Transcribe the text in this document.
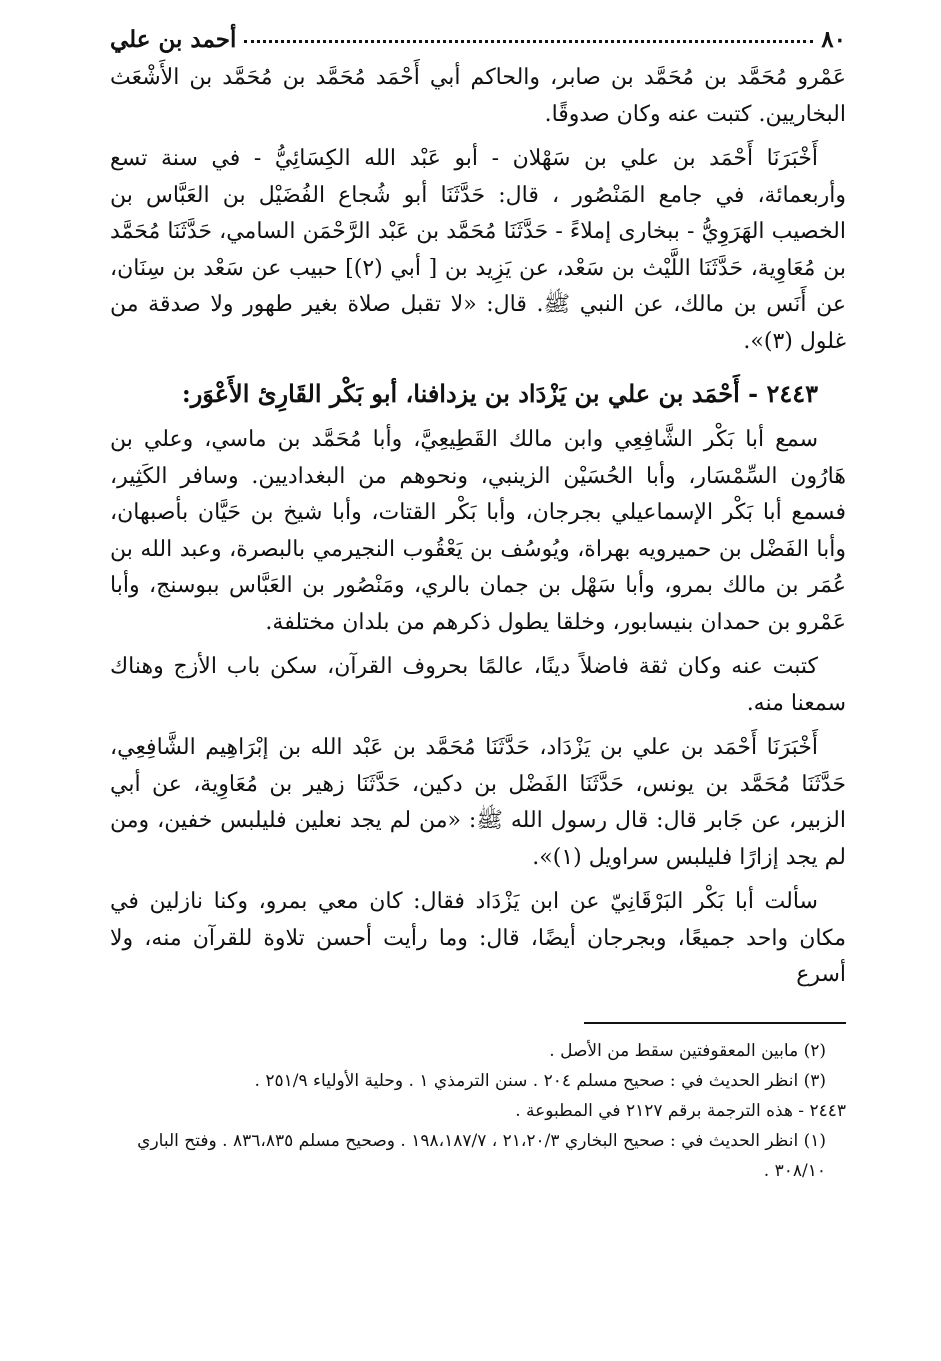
٨٠
أحمد بن علي

عَمْرو مُحَمَّد بن مُحَمَّد بن صابر، والحاكم أبي أَحْمَد مُحَمَّد بن مُحَمَّد بن الأَشْعَث البخاريين. كتبت عنه وكان صدوقًا.

أَخْبَرَنَا أَحْمَد بن علي بن سَهْلان - أبو عَبْد الله الكِسَائِيُّ - في سنة تسع وأربعمائة، في جامع المَنْصُور ، قال: حَدَّثَنَا أبو شُجاع الفُضَيْل بن العَبَّاس بن الخصيب الهَرَوِيُّ - ببخارى إملاءً - حَدَّثَنَا مُحَمَّد بن عَبْد الرَّحْمَن السامي، حَدَّثَنَا مُحَمَّد بن مُعَاوِية، حَدَّثَنَا اللَّيْث بن سَعْد، عن يَزِيد بن [ أبي (٢)] حبيب عن سَعْد بن سِنَان، عن أَنَس بن مالك، عن النبي ﷺ. قال: «لا تقبل صلاة بغير طهور ولا صدقة من غلول (٣)».

٢٤٤٣ - أَحْمَد بن علي بن يَزْدَاد بن يزدافنا، أبو بَكْر القَارِئ الأَعْوَر:

سمع أبا بَكْر الشَّافِعِي وابن مالك القَطِيعِيَّ، وأبا مُحَمَّد بن ماسي، وعلي بن هَارُون السِّمْسَار، وأبا الحُسَيْن الزينبي، ونحوهم من البغداديين. وسافر الكَثِير، فسمع أبا بَكْر الإسماعيلي بجرجان، وأبا بَكْر القتات، وأبا شيخ بن حَيَّان بأصبهان، وأبا الفَضْل بن حميرويه بهراة، ويُوسُف بن يَعْقُوب النجيرمي بالبصرة، وعبد الله بن عُمَر بن مالك بمرو، وأبا سَهْل بن جمان بالري، ومَنْصُور بن العَبَّاس ببوسنج، وأبا عَمْرو بن حمدان بنيسابور، وخلقا يطول ذكرهم من بلدان مختلفة.

كتبت عنه وكان ثقة فاضلاً دينًا، عالمًا بحروف القرآن، سكن باب الأزج وهناك سمعنا منه.

أَخْبَرَنَا أَحْمَد بن علي بن يَزْدَاد، حَدَّثَنَا مُحَمَّد بن عَبْد الله بن إبْرَاهِيم الشَّافِعِي، حَدَّثَنَا مُحَمَّد بن يونس، حَدَّثَنَا الفَضْل بن دكين، حَدَّثَنَا زهير بن مُعَاوِية، عن أبي الزبير، عن جَابر قال: قال رسول الله ﷺ: «من لم يجد نعلين فليلبس خفين، ومن لم يجد إزارًا فليلبس سراويل (١)».

سألت أبا بَكْر البَرْقَانِيّ عن ابن يَزْدَاد فقال: كان معي بمرو، وكنا نازلين في مكان واحد جميعًا، وبجرجان أيضًا، قال: وما رأيت أحسن تلاوة للقرآن منه، ولا أسرع

(٢) مابين المعقوفتين سقط من الأصل .

(٣) انظر الحديث في : صحيح مسلم ٢٠٤ . سنن الترمذي ١ . وحلية الأولياء ٢٥١/٩ .

٢٤٤٣ - هذه الترجمة برقم ٢١٢٧ في المطبوعة .

(١) انظر الحديث في : صحيح البخاري ٢١،٢٠/٣ ، ١٩٨،١٨٧/٧ . وصحيح مسلم ٨٣٦،٨٣٥ . وفتح الباري ٣٠٨/١٠ .
